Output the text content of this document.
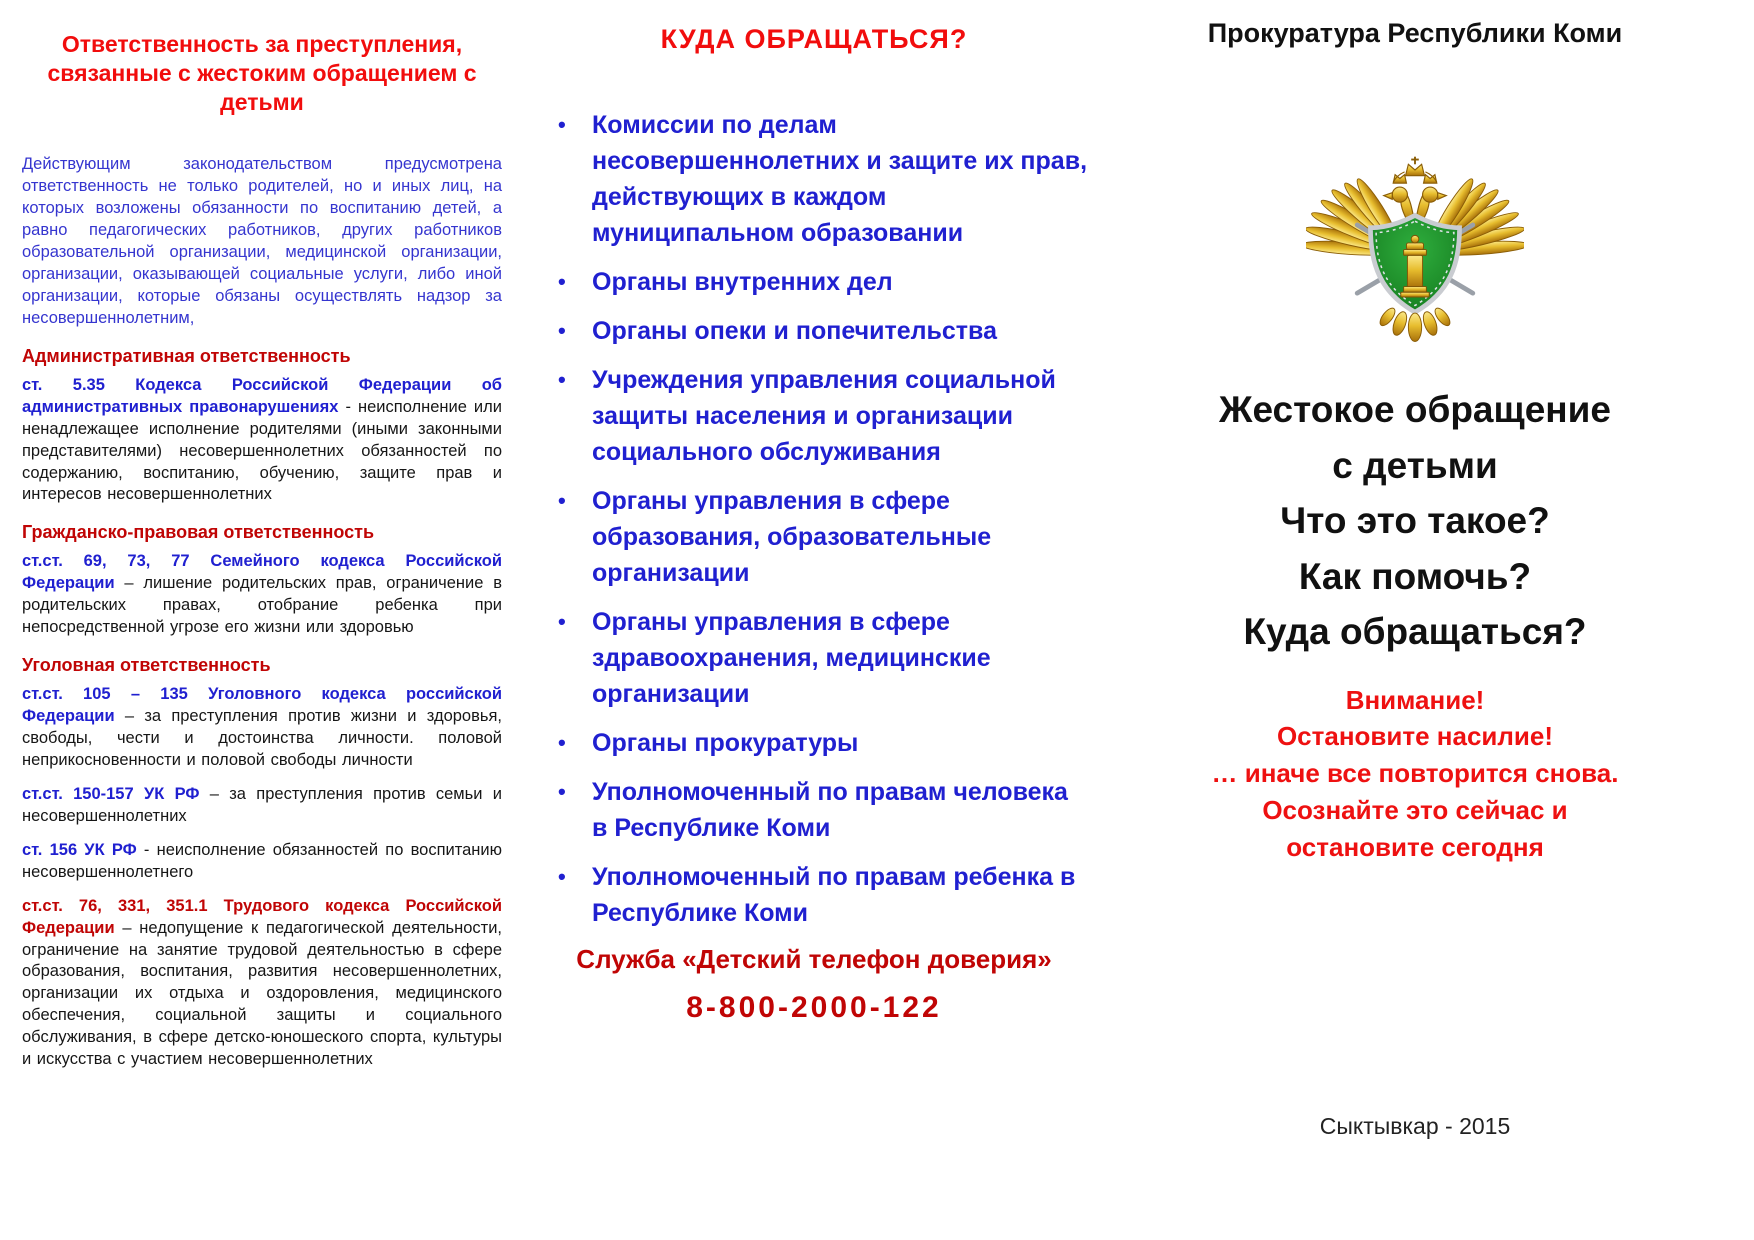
Ответственность за преступления, связанные с жестоким обращением с детьми

Действующим законодательством предусмотрена ответственность не только родителей, но и иных лиц, на которых возложены обязанности по воспитанию детей, а равно педагогических работников, других работников образовательной организации, медицинской организации, организации, оказывающей социальные услуги, либо иной организации, которые обязаны осуществлять надзор за несовершеннолетним,

Административная ответственность

ст. 5.35 Кодекса Российской Федерации об административных правонарушениях - неисполнение или ненадлежащее исполнение родителями (иными законными представителями) несовершеннолетних обязанностей по содержанию, воспитанию, обучению, защите прав и интересов несовершеннолетних

Гражданско-правовая ответственность

ст.ст. 69, 73, 77 Семейного кодекса Российской Федерации – лишение родительских прав, ограничение в родительских правах, отобрание ребенка при непосредственной угрозе его жизни или здоровью

Уголовная ответственность

ст.ст. 105 – 135 Уголовного кодекса российской Федерации – за преступления против жизни и здоровья, свободы, чести и достоинства личности. половой неприкосновенности и половой свободы личности

ст.ст. 150-157 УК РФ – за преступления против семьи и несовершеннолетних

ст. 156 УК РФ - неисполнение обязанностей по воспитанию несовершеннолетнего

ст.ст. 76, 331, 351.1 Трудового кодекса Российской Федерации – недопущение к педагогической деятельности, ограничение на занятие трудовой деятельностью в сфере образования, воспитания, развития несовершеннолетних, организации их отдыха и оздоровления, медицинского обеспечения, социальной защиты и социального обслуживания, в сфере детско-юношеского спорта, культуры и искусства с участием несовершеннолетних

КУДА ОБРАЩАТЬСЯ?
•	Комиссии по делам несовершеннолетних и защите их прав, действующих в каждом муниципальном образовании
•	Органы внутренних дел
•	Органы опеки и попечительства
•	Учреждения управления социальной защиты населения и организации социального обслуживания
•	Органы управления в сфере образования, образовательные организации
•	Органы управления в сфере здравоохранения, медицинские организации
•	Органы прокуратуры
•	Уполномоченный по правам человека в Республике Коми
•	Уполномоченный по правам ребенка в Республике Коми
Служба «Детский телефон доверия»
8-800-2000-122
Прокуратура Республики Коми
Жестокое обращение
с детьми
Что это такое?
Как помочь?
Куда обращаться?
Внимание!
Остановите насилие!
… иначе все повторится снова.
Осознайте это сейчас и
остановите сегодня
Сыктывкар - 2015
